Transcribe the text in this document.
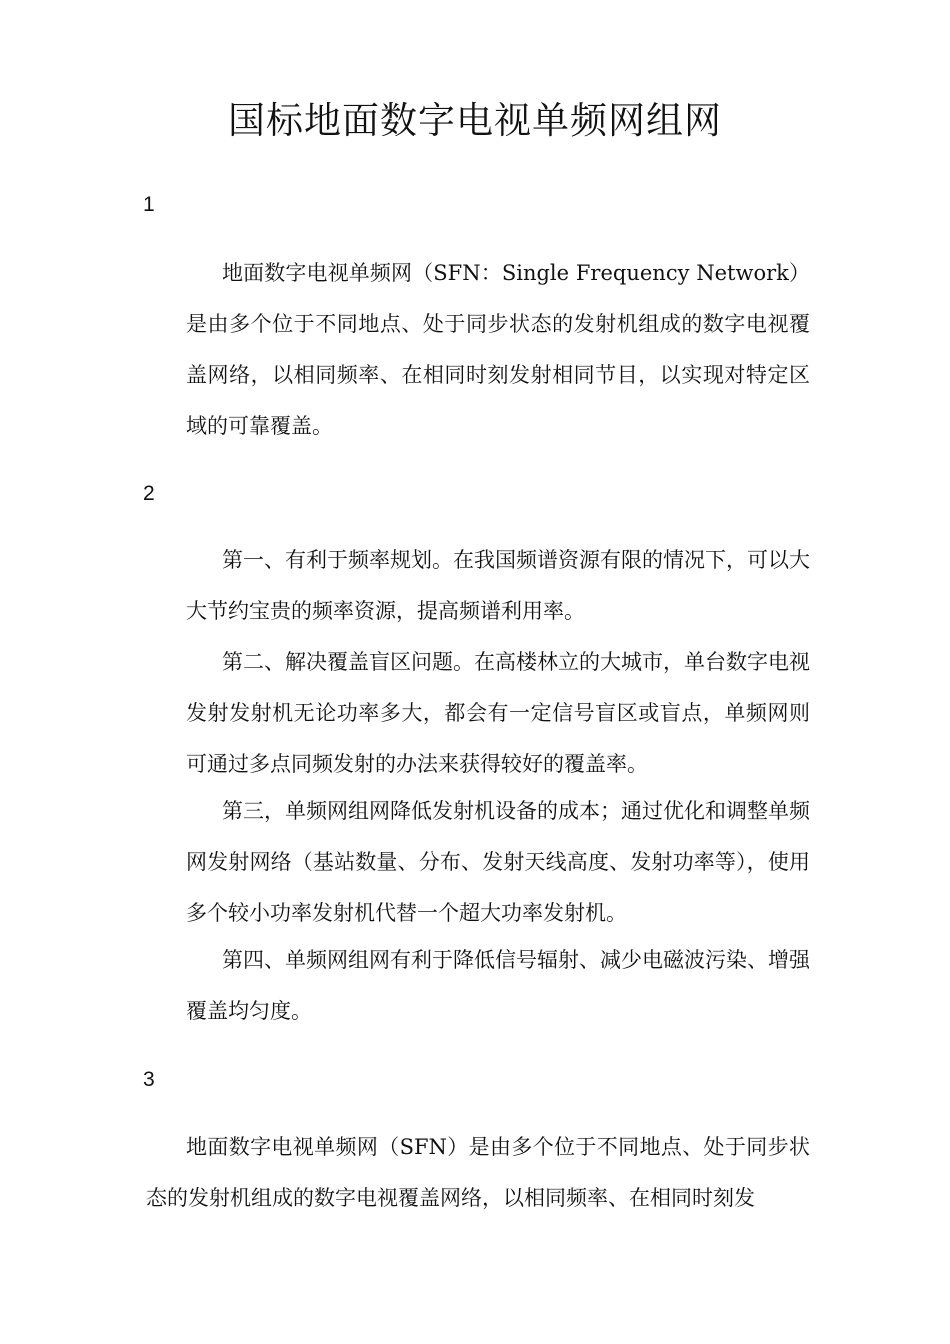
国标地面数字电视单频网组网
1

地面数字电视单频网（SFN：Single Frequency Network）是由多个位于不同地点、处于同步状态的发射机组成的数字电视覆盖网络，以相同频率、在相同时刻发射相同节目，以实现对特定区域的可靠覆盖。

2

第一、有利于频率规划。在我国频谱资源有限的情况下，可以大大节约宝贵的频率资源，提高频谱利用率。

第二、解决覆盖盲区问题。在高楼林立的大城市，单台数字电视发射发射机无论功率多大，都会有一定信号盲区或盲点，单频网则可通过多点同频发射的办法来获得较好的覆盖率。

第三，单频网组网降低发射机设备的成本；通过优化和调整单频网发射网络（基站数量、分布、发射天线高度、发射功率等），使用多个较小功率发射机代替一个超大功率发射机。

第四、单频网组网有利于降低信号辐射、减少电磁波污染、增强覆盖均匀度。

3

地面数字电视单频网（SFN）是由多个位于不同地点、处于同步状态的发射机组成的数字电视覆盖网络，以相同频率、在相同时刻发
